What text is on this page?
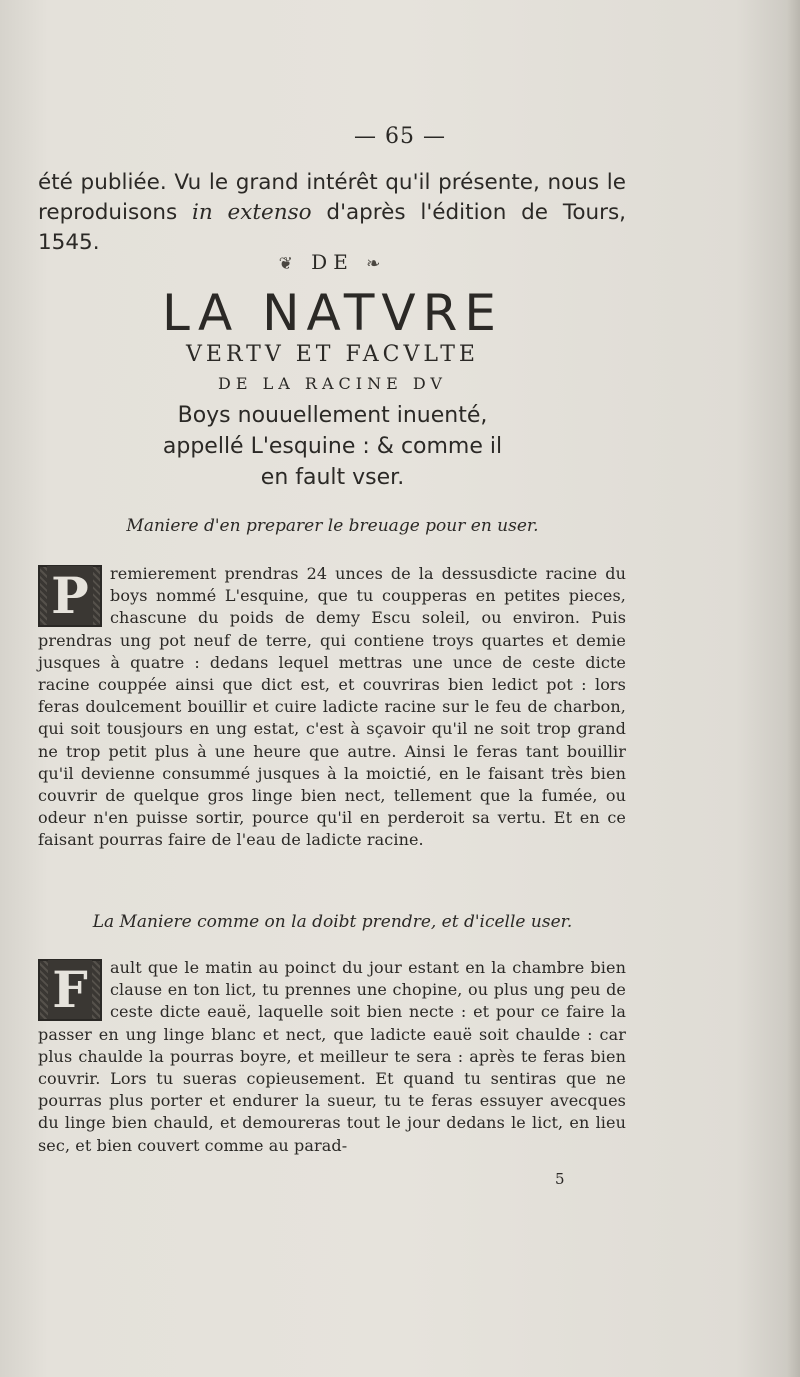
— 65 —
été publiée. Vu le grand intérêt qu'il présente, nous le reproduisons in extenso d'après l'édition de Tours, 1545.
❦ DE ❧
LA NATVRE
VERTV ET FACVLTE
DE LA RACINE DV
Boys nouuellement inuenté, appellé L'esquine : & comme il en fault vser.
Maniere d'en preparer le breuage pour en user.
P	remierement prendras 24 unces de la dessusdicte racine du boys nommé L'esquine, que tu coupperas en petites pieces, chascune du poids de demy Escu soleil, ou environ. Puis prendras ung pot neuf de terre, qui contiene troys quartes et demie jusques à quatre : dedans lequel mettras une unce de ceste dicte racine couppée ainsi que dict est, et couvriras bien ledict pot : lors feras doulcement bouillir et cuire ladicte racine sur le feu de charbon, qui soit tousjours en ung estat, c'est à sçavoir qu'il ne soit trop grand ne trop petit plus à une heure que autre. Ainsi le feras tant bouillir qu'il devienne consummé jusques à la moictié, en le faisant très bien couvrir de quelque gros linge bien nect, tellement que la fumée, ou odeur n'en puisse sortir, pource qu'il en perderoit sa vertu. Et en ce faisant pourras faire de l'eau de ladicte racine.
La Maniere comme on la doibt prendre, et d'icelle user.
F	ault que le matin au poinct du jour estant en la chambre bien clause en ton lict, tu prennes une chopine, ou plus ung peu de ceste dicte eauë, laquelle soit bien necte : et pour ce faire la passer en ung linge blanc et nect, que ladicte eauë soit chaulde : car plus chaulde la pourras boyre, et meilleur te sera : après te feras bien couvrir. Lors tu sueras copieusement. Et quand tu sentiras que ne pourras plus porter et endurer la sueur, tu te feras essuyer avecques du linge bien chauld, et demoureras tout le jour dedans le lict, en lieu sec, et bien couvert comme au parad-
5
